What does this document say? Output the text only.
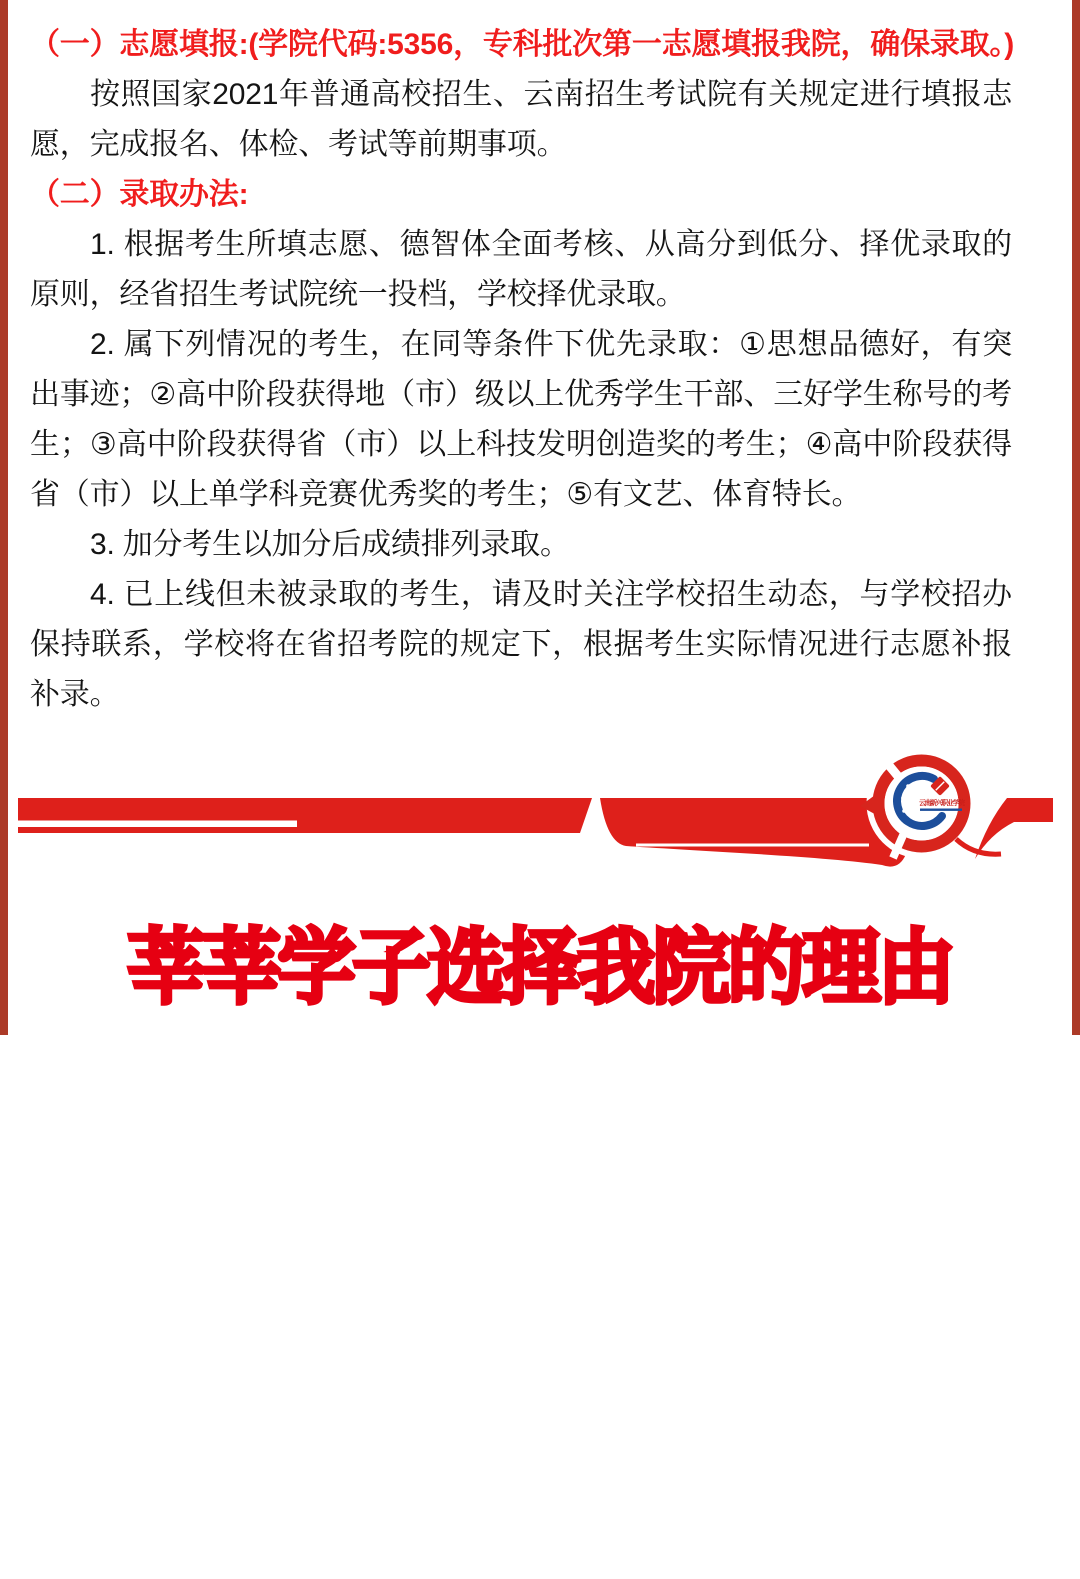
（一）志愿填报:(学院代码:5356，专科批次第一志愿填报我院，确保录取。)

按照国家2021年普通高校招生、云南招生考试院有关规定进行填报志愿，完成报名、体检、考试等前期事项。

（二）录取办法:

1. 根据考生所填志愿、德智体全面考核、从高分到低分、择优录取的原则，经省招生考试院统一投档，学校择优录取。

2. 属下列情况的考生，在同等条件下优先录取：①思想品德好，有突出事迹；②高中阶段获得地（市）级以上优秀学生干部、三好学生称号的考生；③高中阶段获得省（市）以上科技发明创造奖的考生；④高中阶段获得省（市）以上单学科竞赛优秀奖的考生；⑤有文艺、体育特长。

3. 加分考生以加分后成绩排列录取。

4. 已上线但未被录取的考生，请及时关注学校招生动态，与学校招办保持联系，学校将在省招考院的规定下，根据考生实际情况进行志愿补报补录。

云南新兴职业学院
知识改变命运　专业成就未来	www.ynxzy.com
电话：0871-67426292 67427009
莘莘学子选择我院的理由
